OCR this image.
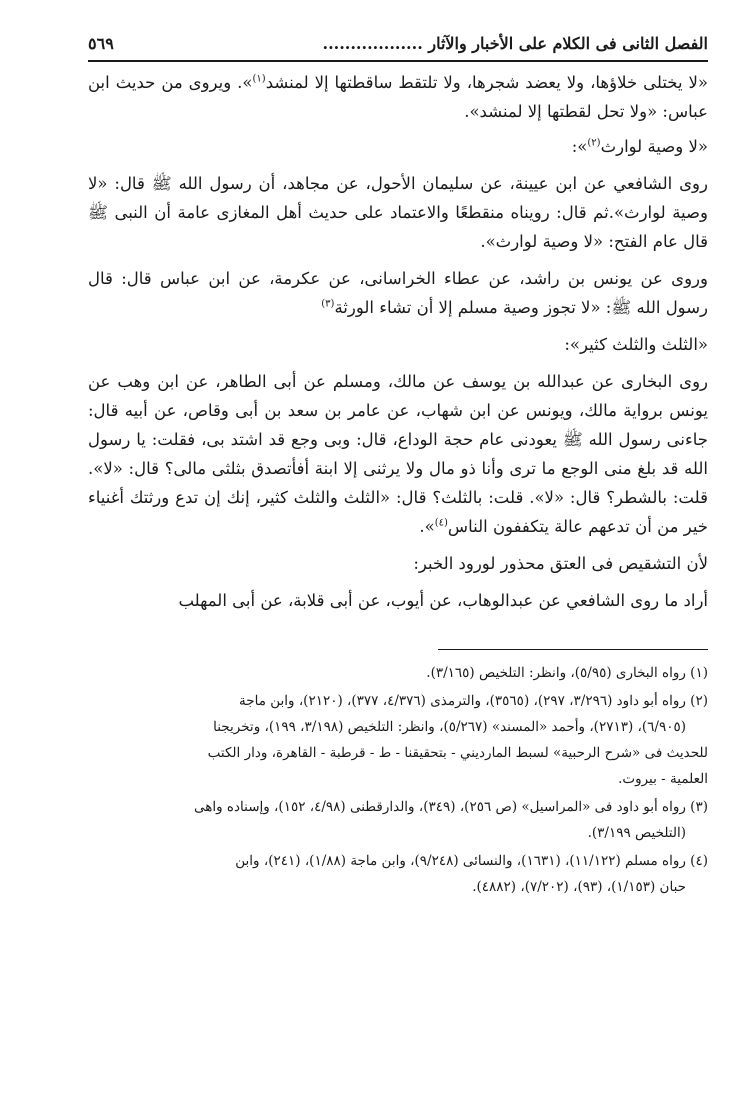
الفصل الثانى فى الكلام على الأخبار والآثار ..................
٥٦٩

«لا يختلى خلاؤها، ولا يعضد شجرها، ولا تلتقط ساقطتها إلا لمنشد$^{(١)}$». ويروى من حديث ابن عباس: «ولا تحل لقطتها إلا لمنشد».

«لا وصية لوارث$^{(٢)}$»:

روى الشافعي عن ابن عيينة، عن سليمان الأحول، عن مجاهد، أن رسول الله ﷺ قال: «لا وصية لوارث».ثم قال: رويناه منقطعًا والاعتماد على حديث أهل المغازى عامة أن النبى ﷺ قال عام الفتح: «لا وصية لوارث».

وروى عن يونس بن راشد، عن عطاء الخراسانى، عن عكرمة، عن ابن عباس قال: قال رسول الله ﷺ: «لا تجوز وصية مسلم إلا أن تشاء الورثة$^{(٣)}$

«الثلث والثلث كثير»:

روى البخارى عن عبدالله بن يوسف عن مالك، ومسلم عن أبى الطاهر، عن ابن وهب عن يونس برواية مالك، ويونس عن ابن شهاب، عن عامر بن سعد بن أبى وقاص، عن أبيه قال: جاءنى رسول الله ﷺ يعودنى عام حجة الوداع، قال: وبى وجع قد اشتد بى، فقلت: يا رسول الله قد بلغ منى الوجع ما ترى وأنا ذو مال ولا يرثنى إلا ابنة أفأتصدق بثلثى مالى؟ قال: «لا». قلت: بالشطر؟ قال: «لا». قلت: بالثلث؟ قال: «الثلث والثلث كثير، إنك إن تدع ورثتك أغنياء خير من أن تدعهم عالة يتكففون الناس$^{(٤)}$».

لأن التشقيص فى العتق محذور لورود الخبر:

أراد ما روى الشافعي عن عبدالوهاب، عن أيوب، عن أبى قلابة، عن أبى المهلب

(١) رواه البخارى (٥/٩٥)، وانظر: التلخيص (٣/١٦٥).

(٢) رواه أبو داود (٣/٢٩٦، ٢٩٧)، (٣٥٦٥)، والترمذى (٤/٣٧٦، ٣٧٧)، (٢١٢٠)، وابن ماجة
(٦/٩٠٥)، (٢٧١٣)، وأحمد «المسند» (٥/٢٦٧)، وانظر: التلخيص (٣/١٩٨، ١٩٩)، وتخريجنا
للحديث فى «شرح الرحبية» لسبط المارديني - بتحقيقنا - ط - قرطبة - القاهرة، ودار الكتب
العلمية - بيروت.

(٣) رواه أبو داود فى «المراسيل» (ص ٢٥٦)، (٣٤٩)، والدارقطنى (٤/٩٨، ١٥٢)، وإسناده واهى
(التلخيص ٣/١٩٩).

(٤) رواه مسلم (١١/١٢٢)، (١٦٣١)، والنسائى (٩/٢٤٨)، وابن ماجة (١/٨٨)، (٢٤١)، وابن
حبان (١/١٥٣)، (٩٣)، (٧/٢٠٢)، (٤٨٨٢).
